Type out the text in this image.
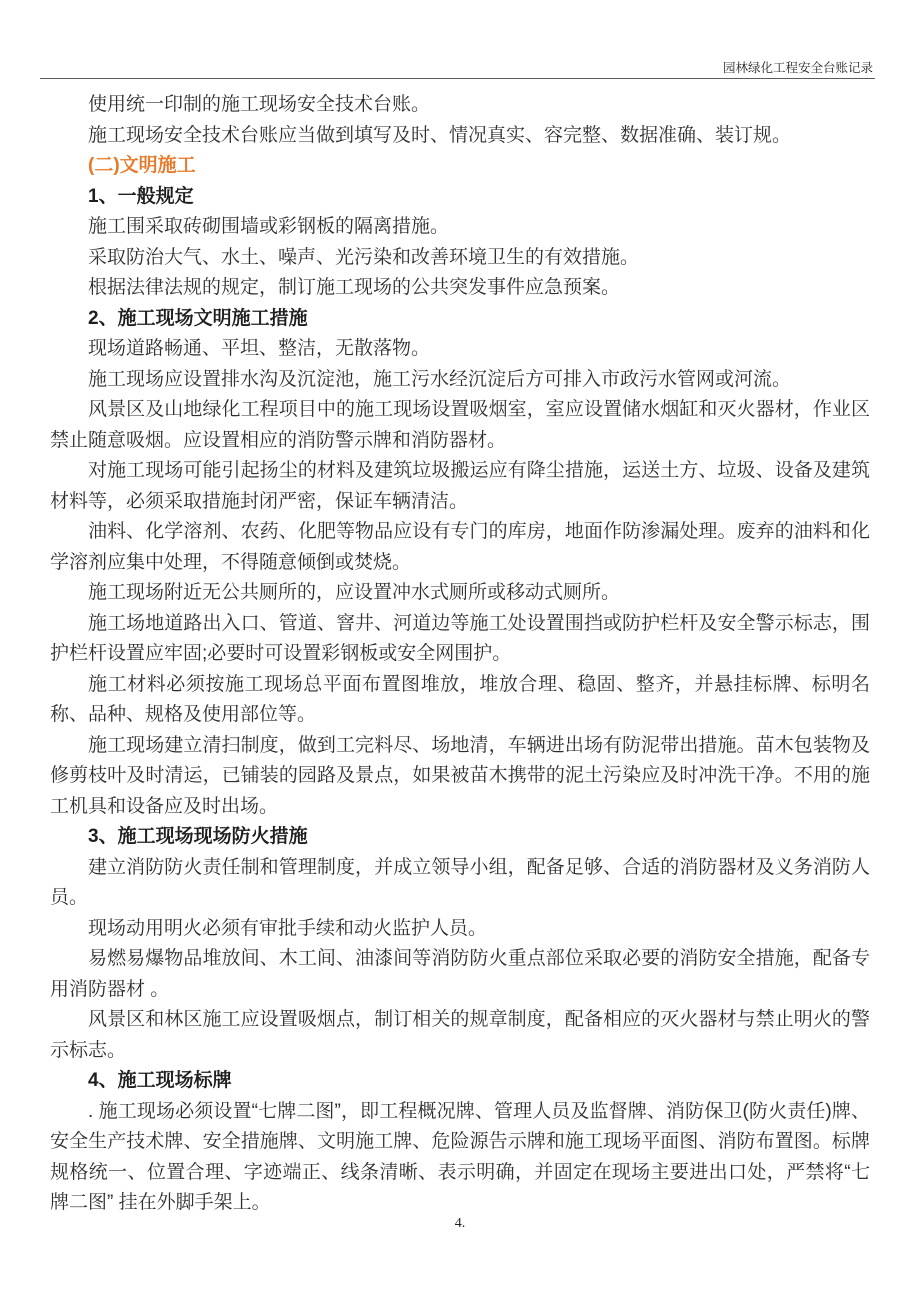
园林绿化工程安全台账记录

使用统一印制的施工现场安全技术台账。

施工现场安全技术台账应当做到填写及时、情况真实、容完整、数据准确、装订规。

(二)文明施工

1、一般规定

施工围采取砖砌围墙或彩钢板的隔离措施。

采取防治大气、水土、噪声、光污染和改善环境卫生的有效措施。

根据法律法规的规定，制订施工现场的公共突发事件应急预案。

2、施工现场文明施工措施

现场道路畅通、平坦、整洁，无散落物。

施工现场应设置排水沟及沉淀池，施工污水经沉淀后方可排入市政污水管网或河流。

风景区及山地绿化工程项目中的施工现场设置吸烟室，室应设置储水烟缸和灭火器材，作业区禁止随意吸烟。应设置相应的消防警示牌和消防器材。

对施工现场可能引起扬尘的材料及建筑垃圾搬运应有降尘措施，运送土方、垃圾、设备及建筑材料等，必须采取措施封闭严密，保证车辆清洁。

油料、化学溶剂、农药、化肥等物品应设有专门的库房，地面作防渗漏处理。废弃的油料和化学溶剂应集中处理，不得随意倾倒或焚烧。

施工现场附近无公共厕所的，应设置冲水式厕所或移动式厕所。

施工场地道路出入口、管道、窨井、河道边等施工处设置围挡或防护栏杆及安全警示标志，围护栏杆设置应牢固;必要时可设置彩钢板或安全网围护。

施工材料必须按施工现场总平面布置图堆放，堆放合理、稳固、整齐，并悬挂标牌、标明名称、品种、规格及使用部位等。

施工现场建立清扫制度，做到工完料尽、场地清，车辆进出场有防泥带出措施。苗木包装物及修剪枝叶及时清运，已铺装的园路及景点，如果被苗木携带的泥土污染应及时冲洗干净。不用的施工机具和设备应及时出场。

3、施工现场现场防火措施

建立消防防火责任制和管理制度，并成立领导小组，配备足够、合适的消防器材及义务消防人员。

现场动用明火必须有审批手续和动火监护人员。

易燃易爆物品堆放间、木工间、油漆间等消防防火重点部位采取必要的消防安全措施，配备专用消防器材 。

风景区和林区施工应设置吸烟点，制订相关的规章制度，配备相应的灭火器材与禁止明火的警示标志。

4、施工现场标牌

. 施工现场必须设置“七牌二图”，即工程概况牌、管理人员及监督牌、消防保卫(防火责任)牌、安全生产技术牌、安全措施牌、文明施工牌、危险源告示牌和施工现场平面图、消防布置图。标牌规格统一、位置合理、字迹端正、线条清晰、表示明确，并固定在现场主要进出口处，严禁将“七牌二图” 挂在外脚手架上。

4.
